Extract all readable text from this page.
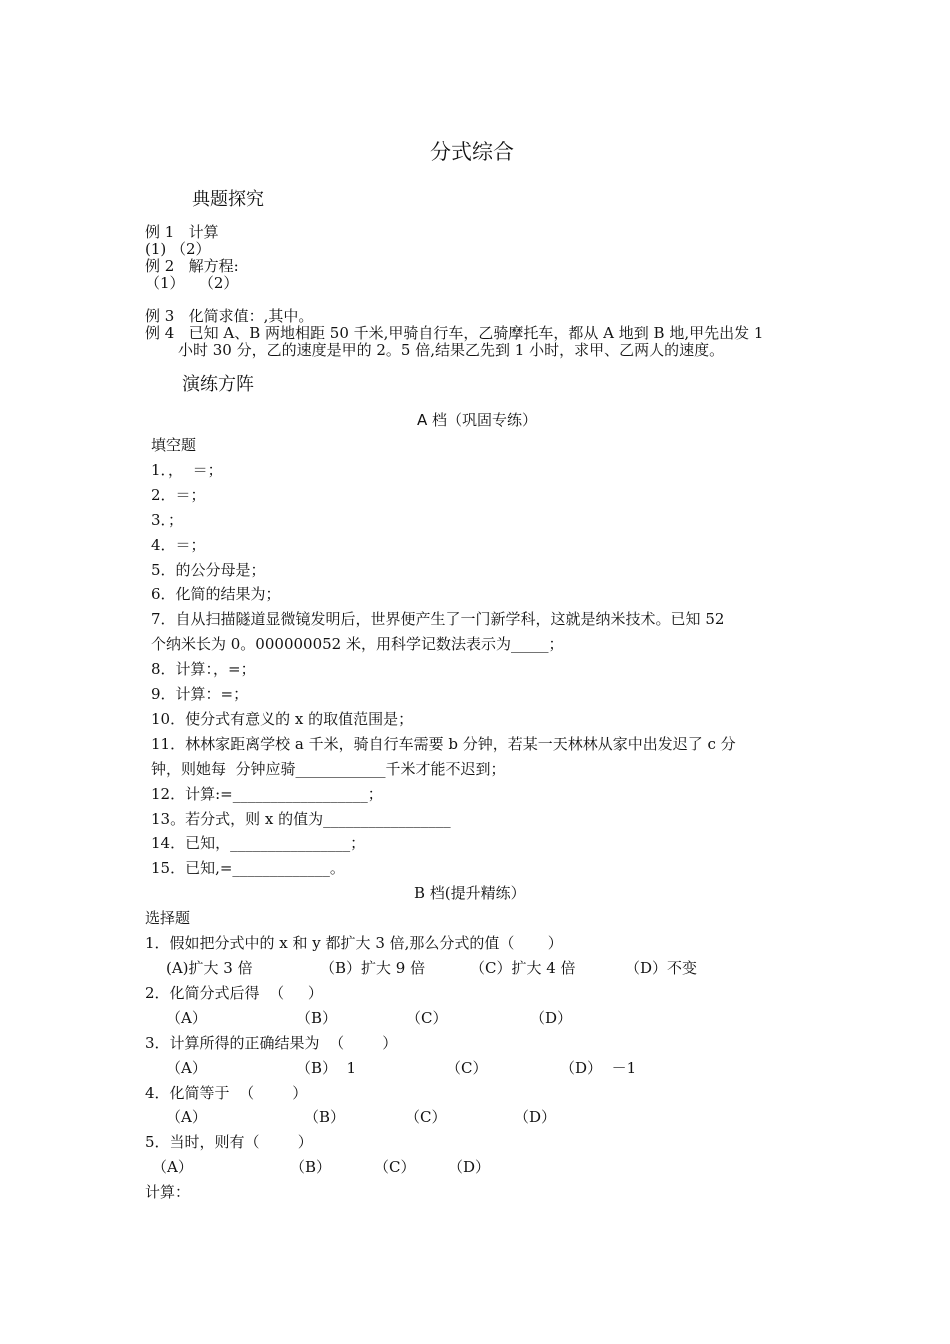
分式综合
典题探究
例 1   计算
(1) （2）
例 2   解方程:
（1）   （2）
例 3   化简求值：,其中。
例 4   已知 A、B 两地相距 50 千米,甲骑自行车，乙骑摩托车，都从 A 地到 B 地,甲先出发 1
小时 30 分，乙的速度是甲的 2。5 倍,结果乙先到 1 小时，求甲、乙两人的速度。
演练方阵
A 档（巩固专练）
填空题
1．，  ＝；
2．＝；
3．；
4．＝；
5．的公分母是；
6．化简的结果为；
7．自从扫描隧道显微镜发明后，世界便产生了一门新学科，这就是纳米技术。已知 52
个纳米长为 0。000000052 米，用科学记数法表示为_____；
8．计算：，=；
9．计算：=；
10．使分式有意义的 x 的取值范围是；
11．林林家距离学校 a 千米，骑自行车需要 b 分钟，若某一天林林从家中出发迟了 c 分
钟，则她每  分钟应骑____________千米才能不迟到；
12．计算:=__________________；
13。若分式，则 x 的值为_________________
14．已知，________________；
15．已知,=_____________。
B 档(提升精练）
选择题
1．假如把分式中的 x 和 y 都扩大 3 倍,那么分式的值（       ）
(A)扩大 3 倍	（B）扩大 9 倍	（C）扩大 4 倍	（D）不变
2．化简分式后得  （     ）
（A）	（B）	（C）	（D）
3．计算所得的正确结果为  （        ）
（A）	（B）  1	（C）	（D）  －1
4．化简等于  （        ）
（A）	（B）	（C）	（D）
5．当时，则有（        ）
（A）	（B）	（C） （D）
计算：
